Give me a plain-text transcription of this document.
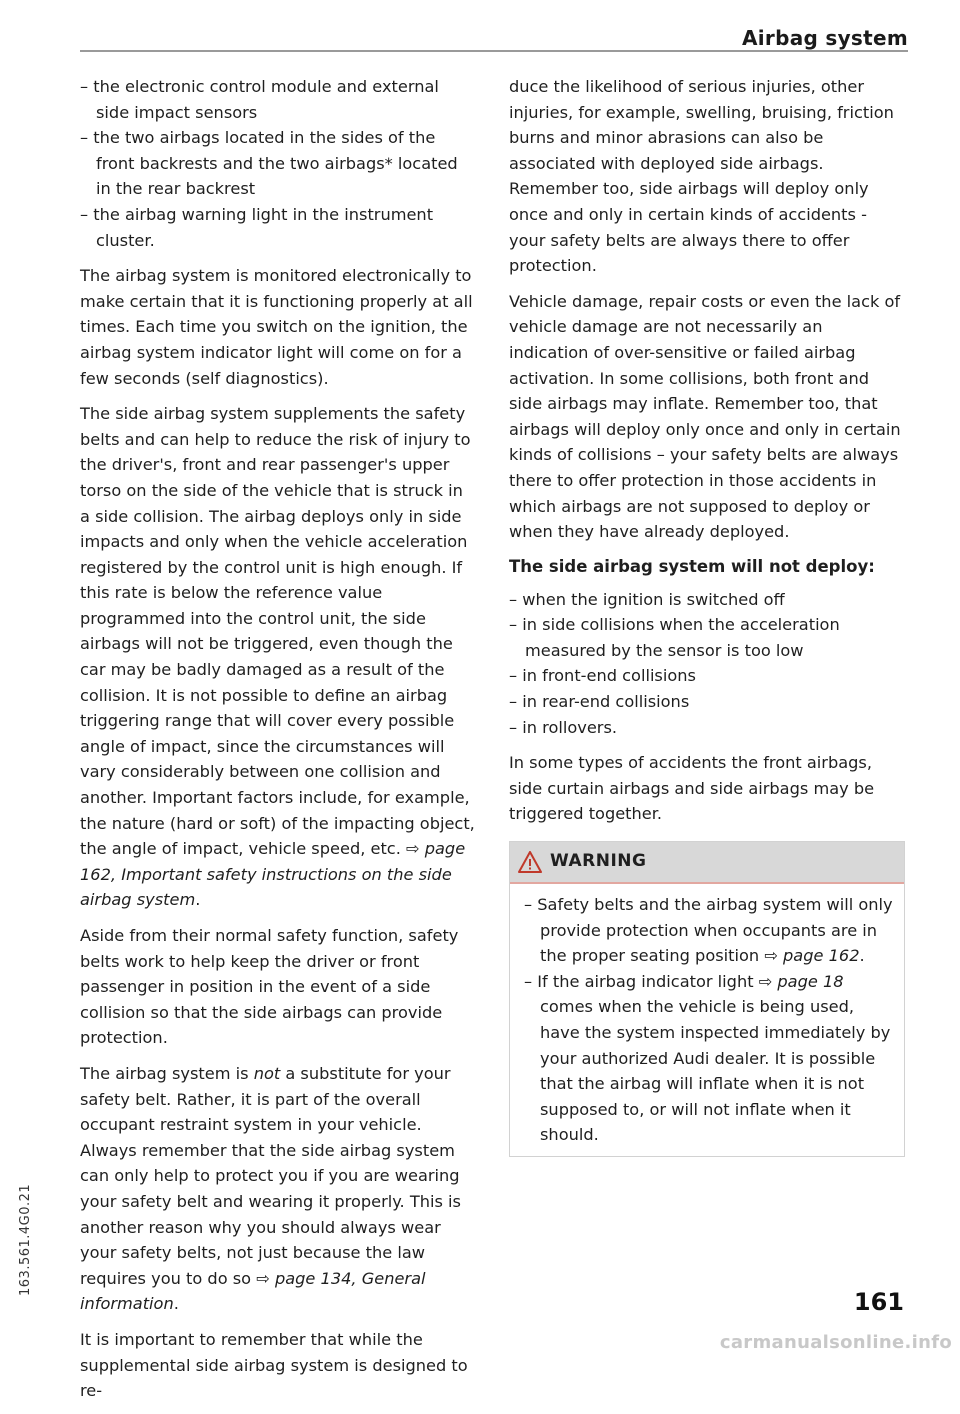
Airbag system
163.561.4G0.21
– the electronic control module and external side impact sensors
– the two airbags located in the sides of the front backrests and the two airbags* located in the rear backrest
– the airbag warning light in the instrument cluster.

The airbag system is monitored electronically to make certain that it is functioning properly at all times. Each time you switch on the ignition, the airbag system indicator light will come on for a few seconds (self diagnostics).

The side airbag system supplements the safety belts and can help to reduce the risk of injury to the driver's, front and rear passenger's upper torso on the side of the vehicle that is struck in a side collision. The airbag deploys only in side impacts and only when the vehicle acceleration registered by the control unit is high enough. If this rate is below the reference value programmed into the control unit, the side airbags will not be triggered, even though the car may be badly damaged as a result of the collision. It is not possible to define an airbag triggering range that will cover every possible angle of impact, since the circumstances will vary considerably between one collision and another. Important factors include, for example, the nature (hard or soft) of the impacting object, the angle of impact, vehicle speed, etc. ⇨ page 162, Important safety instructions on the side airbag system.

Aside from their normal safety function, safety belts work to help keep the driver or front passenger in position in the event of a side collision so that the side airbags can provide protection.

The airbag system is not a substitute for your safety belt. Rather, it is part of the overall occupant restraint system in your vehicle. Always remember that the side airbag system can only help to protect you if you are wearing your safety belt and wearing it properly. This is another reason why you should always wear your safety belts, not just because the law requires you to do so ⇨ page 134, General information.

It is important to remember that while the supplemental side airbag system is designed to re-

duce the likelihood of serious injuries, other injuries, for example, swelling, bruising, friction burns and minor abrasions can also be associated with deployed side airbags. Remember too, side airbags will deploy only once and only in certain kinds of accidents - your safety belts are always there to offer protection.

Vehicle damage, repair costs or even the lack of vehicle damage are not necessarily an indication of over-sensitive or failed airbag activation. In some collisions, both front and side airbags may inflate. Remember too, that airbags will deploy only once and only in certain kinds of collisions – your safety belts are always there to offer protection in those accidents in which airbags are not supposed to deploy or when they have already deployed.

The side airbag system will not deploy:
– when the ignition is switched off
– in side collisions when the acceleration measured by the sensor is too low
– in front-end collisions
– in rear-end collisions
– in rollovers.

In some types of accidents the front airbags, side curtain airbags and side airbags may be triggered together.

WARNING
– Safety belts and the airbag system will only provide protection when occupants are in the proper seating position ⇨ page 162.
– If the airbag indicator light ⇨ page 18 comes when the vehicle is being used, have the system inspected immediately by your authorized Audi dealer. It is possible that the airbag will inflate when it is not supposed to, or will not inflate when it should.
161
carmanualsonline.info
